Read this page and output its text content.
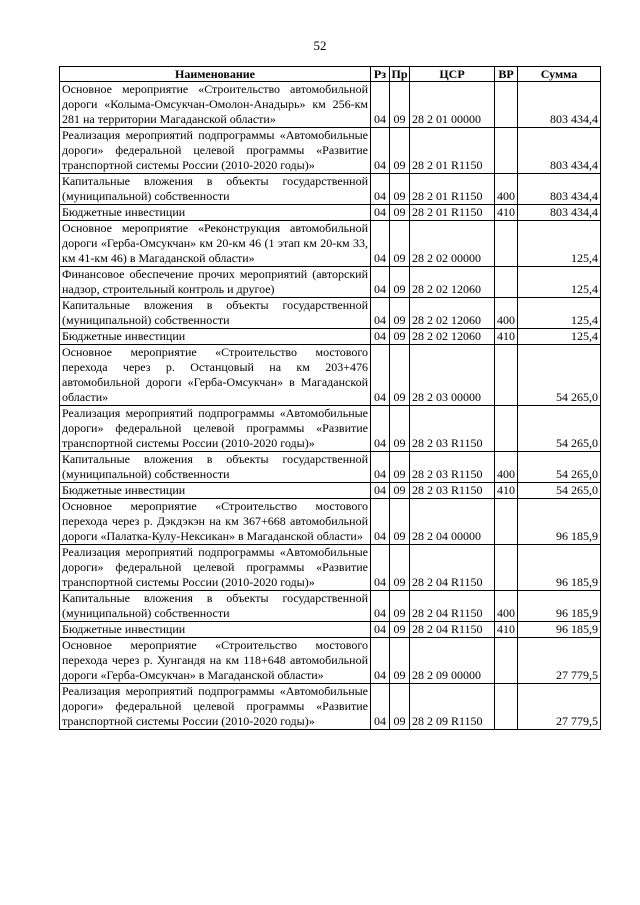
52
Наименование	Рз	Пр	ЦСР	ВР	Сумма
Основное мероприятие «Строительство автомобильной дороги «Колыма-Омсукчан-Омолон-Анадырь» км 256-км 281 на территории Магаданской области»	04	09	28 2 01 00000		803 434,4
Реализация мероприятий подпрограммы «Автомобильные дороги» федеральной целевой программы «Развитие транспортной системы России (2010-2020 годы)»	04	09	28 2 01 R1150		803 434,4
Капитальные вложения в объекты государственной (муниципальной) собственности	04	09	28 2 01 R1150	400	803 434,4
Бюджетные инвестиции	04	09	28 2 01 R1150	410	803 434,4
Основное мероприятие «Реконструкция автомобильной дороги «Герба-Омсукчан» км 20-км 46 (1 этап км 20-км 33, км 41-км 46) в Магаданской области»	04	09	28 2 02 00000		125,4
Финансовое обеспечение прочих мероприятий (авторский надзор, строительный контроль и другое)	04	09	28 2 02 12060		125,4
Капитальные вложения в объекты государственной (муниципальной) собственности	04	09	28 2 02 12060	400	125,4
Бюджетные инвестиции	04	09	28 2 02 12060	410	125,4
Основное мероприятие «Строительство мостового перехода через р. Останцовый на км 203+476 автомобильной дороги «Герба-Омсукчан» в Магаданской области»	04	09	28 2 03 00000		54 265,0
Реализация мероприятий подпрограммы «Автомобильные дороги» федеральной целевой программы «Развитие транспортной системы России (2010-2020 годы)»	04	09	28 2 03 R1150		54 265,0
Капитальные вложения в объекты государственной (муниципальной) собственности	04	09	28 2 03 R1150	400	54 265,0
Бюджетные инвестиции	04	09	28 2 03 R1150	410	54 265,0
Основное мероприятие «Строительство мостового перехода через р. Дэкдэкэн на км 367+668 автомобильной дороги «Палатка-Кулу-Нексикан» в Магаданской области»	04	09	28 2 04 00000		96 185,9
Реализация мероприятий подпрограммы «Автомобильные дороги» федеральной целевой программы «Развитие транспортной системы России (2010-2020 годы)»	04	09	28 2 04 R1150		96 185,9
Капитальные вложения в объекты государственной (муниципальной) собственности	04	09	28 2 04 R1150	400	96 185,9
Бюджетные инвестиции	04	09	28 2 04 R1150	410	96 185,9
Основное мероприятие «Строительство мостового перехода через р. Хунгандя на км 118+648 автомобильной дороги «Герба-Омсукчан» в Магаданской области»	04	09	28 2 09 00000		27 779,5
Реализация мероприятий подпрограммы «Автомобильные дороги» федеральной целевой программы «Развитие транспортной системы России (2010-2020 годы)»	04	09	28 2 09 R1150		27 779,5
